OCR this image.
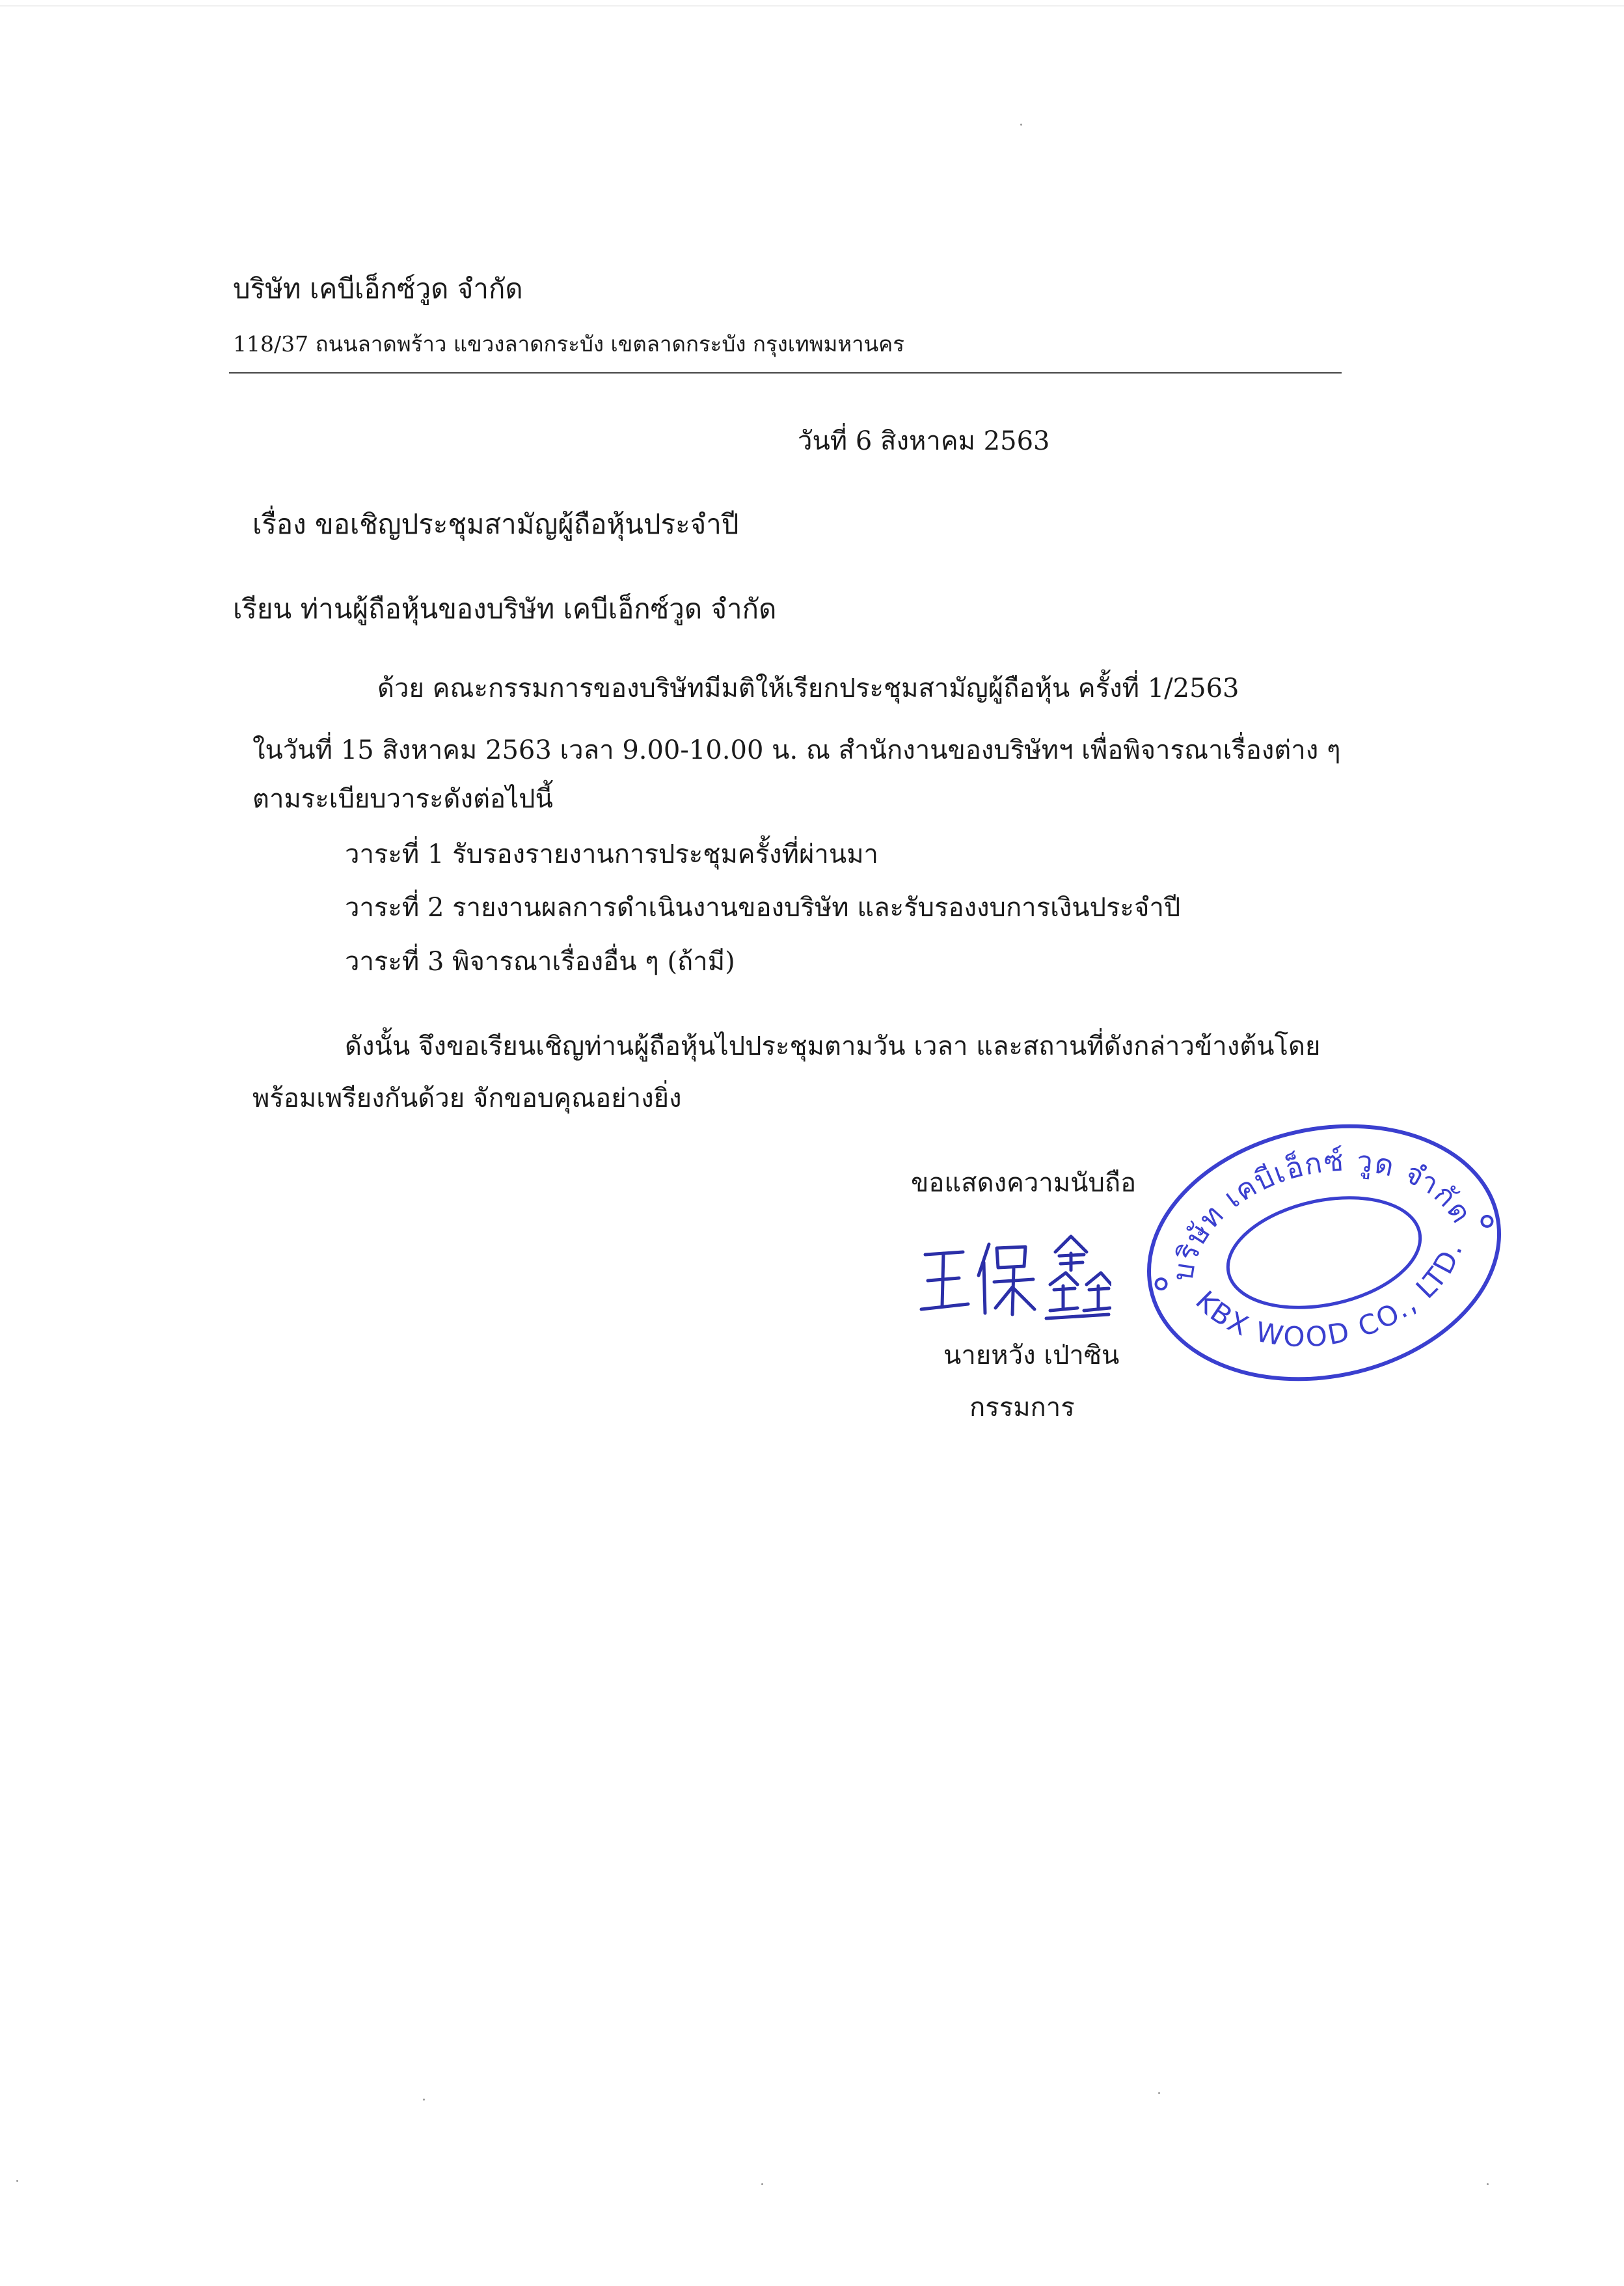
บริษัท เคบีเอ็กซ์วูด จำกัด
118/37 ถนนลาดพร้าว แขวงลาดกระบัง เขตลาดกระบัง กรุงเทพมหานคร
วันที่ 6 สิงหาคม 2563
เรื่อง ขอเชิญประชุมสามัญผู้ถือหุ้นประจำปี
เรียน ท่านผู้ถือหุ้นของบริษัท เคบีเอ็กซ์วูด จำกัด
ด้วย คณะกรรมการของบริษัทมีมติให้เรียกประชุมสามัญผู้ถือหุ้น ครั้งที่ 1/2563
ในวันที่ 15 สิงหาคม 2563 เวลา 9.00-10.00 น. ณ สำนักงานของบริษัทฯ เพื่อพิจารณาเรื่องต่าง ๆ
ตามระเบียบวาระดังต่อไปนี้
วาระที่ 1 รับรองรายงานการประชุมครั้งที่ผ่านมา
วาระที่ 2 รายงานผลการดำเนินงานของบริษัท และรับรองงบการเงินประจำปี
วาระที่ 3 พิจารณาเรื่องอื่น ๆ (ถ้ามี)
ดังนั้น จึงขอเรียนเชิญท่านผู้ถือหุ้นไปประชุมตามวัน เวลา และสถานที่ดังกล่าวข้างต้นโดย
พร้อมเพรียงกันด้วย จักขอบคุณอย่างยิ่ง
ขอแสดงความนับถือ
นายหวัง เป่าซิน
กรรมการ
บริษัท เคบีเอ็กซ์ วูด จำกัด
KBX WOOD CO., LTD.
